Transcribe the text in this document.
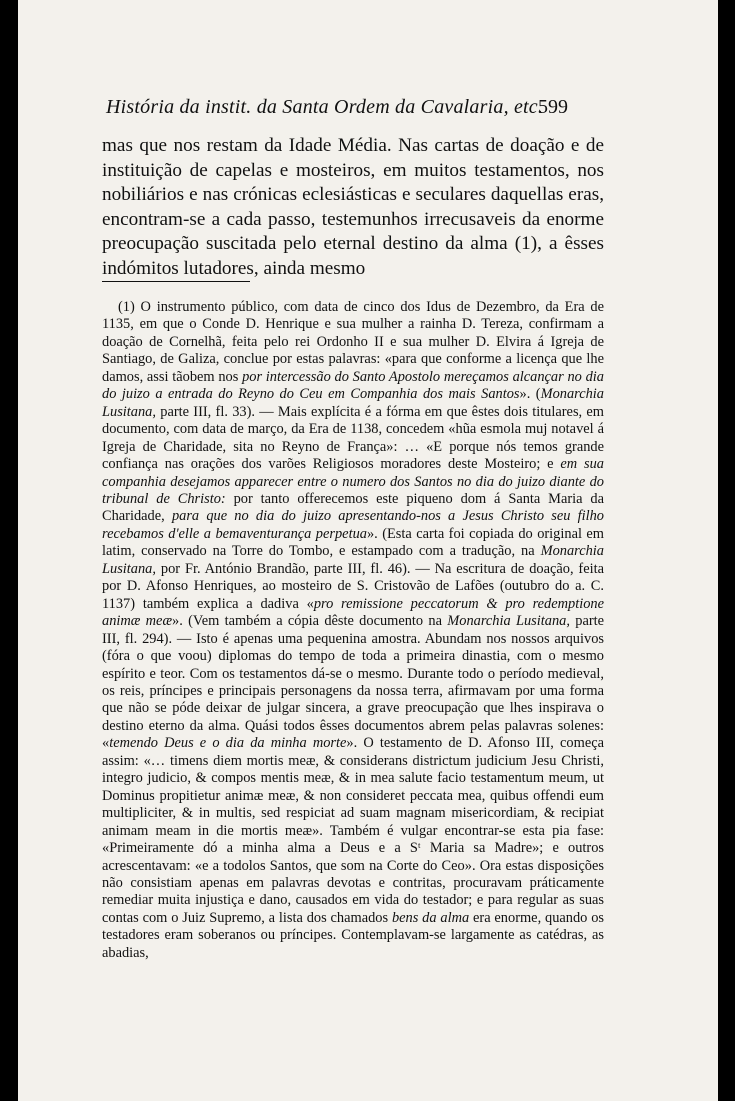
História da instit. da Santa Ordem da Cavalaria, etc.
599
mas que nos restam da Idade Média. Nas cartas de doação e de instituição de capelas e mosteiros, em muitos testamentos, nos nobiliários e nas crónicas eclesiásticas e seculares daquellas eras, encontram-se a cada passo, testemunhos irrecusaveis da enorme preocupação suscitada pelo eternal destino da alma (1), a êsses indómitos lutadores, ainda mesmo

(1) O instrumento público, com data de cinco dos Idus de Dezembro, da Era de 1135, em que o Conde D. Henrique e sua mulher a rainha D. Tereza, confirmam a doação de Cornelhã, feita pelo rei Ordonho II e sua mulher D. Elvira á Igreja de Santiago, de Galiza, conclue por estas palavras: «para que conforme a licença que lhe damos, assi tãobem nos por intercessão do Santo Apostolo mereçamos alcançar no dia do juizo a entrada do Reyno do Ceu em Companhia dos mais Santos». (Monarchia Lusitana, parte III, fl. 33). — Mais explícita é a fórma em que êstes dois titulares, em documento, com data de março, da Era de 1138, concedem «hũa esmola muj notavel á Igreja de Charidade, sita no Reyno de França»: … «E porque nós temos grande confiança nas orações dos varões Religiosos moradores deste Mosteiro; e em sua companhia desejamos apparecer entre o numero dos Santos no dia do juizo diante do tribunal de Christo: por tanto offerecemos este piqueno dom á Santa Maria da Charidade, para que no dia do juizo apresentando-nos a Jesus Christo seu filho recebamos d'elle a bemaventurança perpetua». (Esta carta foi copiada do original em latim, conservado na Torre do Tombo, e estampado com a tradução, na Monarchia Lusitana, por Fr. António Brandão, parte III, fl. 46). — Na escritura de doação, feita por D. Afonso Henriques, ao mosteiro de S. Cristovão de Lafões (outubro do a. C. 1137) também explica a dadiva «pro remissione peccatorum & pro redemptione animæ meæ». (Vem também a cópia dêste documento na Monarchia Lusitana, parte III, fl. 294). — Isto é apenas uma pequenina amostra. Abundam nos nossos arquivos (fóra o que voou) diplomas do tempo de toda a primeira dinastia, com o mesmo espírito e teor. Com os testamentos dá-se o mesmo. Durante todo o período medieval, os reis, príncipes e principais personagens da nossa terra, afirmavam por uma forma que não se póde deixar de julgar sincera, a grave preocupação que lhes inspirava o destino eterno da alma. Quási todos êsses documentos abrem pelas palavras solenes: «temendo Deus e o dia da minha morte». O testamento de D. Afonso III, começa assim: «… timens diem mortis meæ, & considerans districtum judicium Jesu Christi, integro judicio, & compos mentis meæ, & in mea salute facio testamentum meum, ut Dominus propitietur animæ meæ, & non consideret peccata mea, quibus offendi eum multipliciter, & in multis, sed respiciat ad suam magnam misericordiam, & recipiat animam meam in die mortis meæ». Também é vulgar encontrar-se esta pia fase: «Primeiramente dó a minha alma a Deus e a Sᵗ Maria sa Madre»; e outros acrescentavam: «e a todolos Santos, que som na Corte do Ceo». Ora estas disposições não consistiam apenas em palavras devotas e contritas, procuravam práticamente remediar muita injustiça e dano, causados em vida do testador; e para regular as suas contas com o Juiz Supremo, a lista dos chamados bens da alma era enorme, quando os testadores eram soberanos ou príncipes. Contemplavam-se largamente as catédras, as abadias,
